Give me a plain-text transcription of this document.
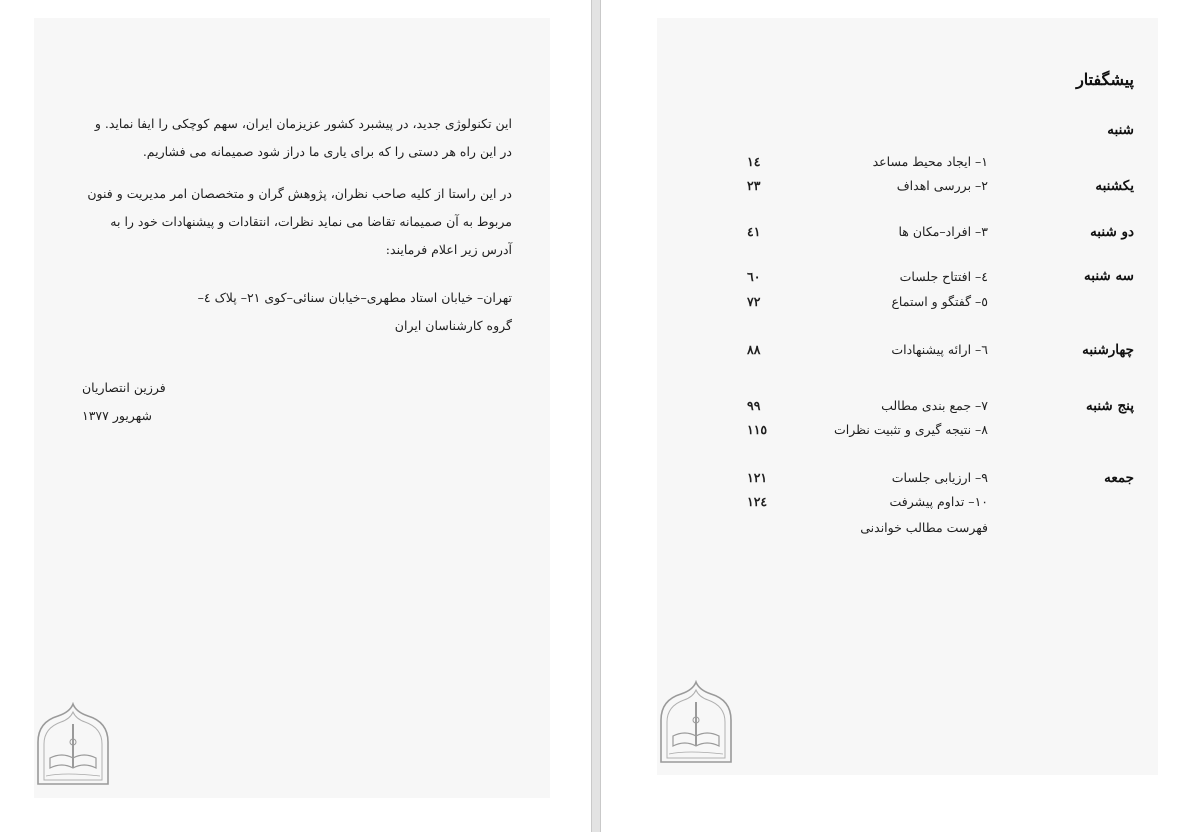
این تکنولوژی جدید، در پیشبرد کشور عزیزمان ایران، سهم کوچکی را ایفا نماید. و
در این راه هر دستی را که برای یاری ما دراز شود صمیمانه می فشاریم.
در این راستا از کلیه صاحب نظران، پژوهش گران و متخصصان امر مدیریت و فنون
مربوط به آن صمیمانه تقاضا می نماید نظرات، انتقادات و پیشنهادات خود را به
آدرس زیر اعلام فرمایند:
تهران– خیابان استاد مطهری–خیابان سنائی–کوی ۲۱– پلاک ٤–
گروه کارشناسان ایران
فرزین انتصاریان
شهریور ۱۳۷۷
پیشگفتار
شنبه
یکشنبه
دو شنبه
سه شنبه
چهارشنبه
پنج شنبه
جمعه
۱– ایجاد محیط مساعد
١٤
۲– بررسی اهداف
٢٣
۳– افراد–مکان ها
٤١
٤– افتتاح جلسات
٦٠
٥– گفتگو و استماع
٧٢
٦– ارائه پیشنهادات
٨٨
۷– جمع بندی مطالب
٩٩
۸– نتیجه گیری و تثبیت نظرات
١١٥
۹– ارزیابی جلسات
١٢١
۱۰– تداوم پیشرفت
١٢٤
فهرست مطالب خواندنی
